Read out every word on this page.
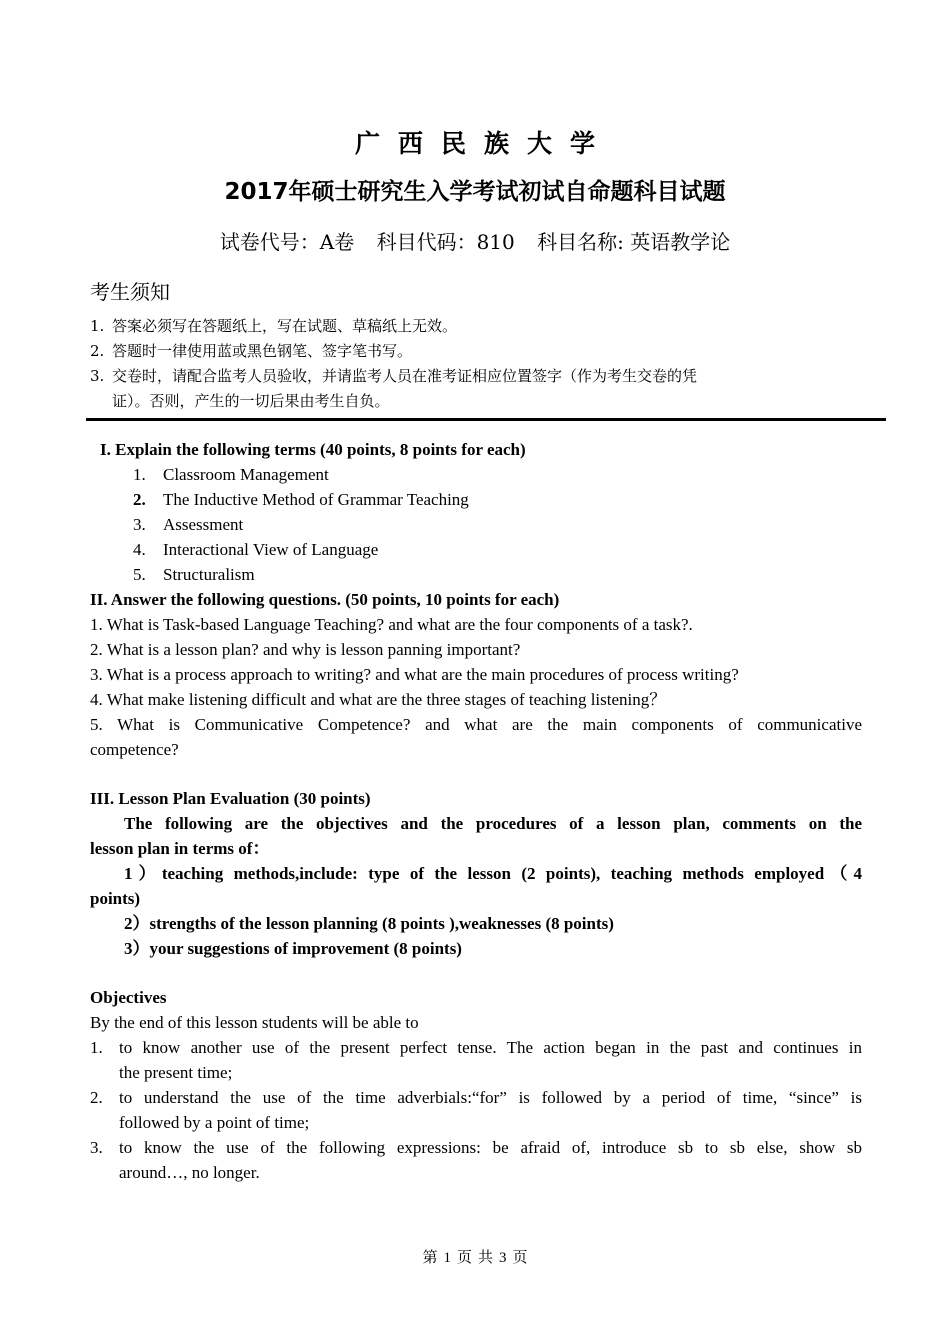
广西民族大学
2017年硕士研究生入学考试初试自命题科目试题
试卷代号：A卷 科目代码：810 科目名称: 英语教学论
考生须知
1. 答案必须写在答题纸上，写在试题、草稿纸上无效。
2. 答题时一律使用蓝或黑色钢笔、签字笔书写。
3. 交卷时，请配合监考人员验收，并请监考人员在准考证相应位置签字（作为考生交卷的凭
证）。否则，产生的一切后果由考生自负。
I. Explain the following terms (40 points, 8 points for each)
1. Classroom Management
2. The Inductive Method of Grammar Teaching
3. Assessment
4. Interactional View of Language
5. Structuralism
II. Answer the following questions. (50 points, 10 points for each)
1. What is Task-based Language Teaching? and what are the four components of a task?.
2. What is a lesson plan? and why is lesson panning important?
3. What is a process approach to writing? and what are the main procedures of process writing?
4. What make listening difficult and what are the three stages of teaching listening？
5. What is Communicative Competence? and what are the main components of communicative
competence?
III. Lesson Plan Evaluation (30 points)
The following are the objectives and the procedures of a lesson plan, comments on the
lesson plan in terms of：
1）teaching methods,include: type of the lesson (2 points), teaching methods employed（4
points)
2）strengths of the lesson planning (8 points ),weaknesses (8 points)
3）your suggestions of improvement (8 points)
Objectives
By the end of this lesson students will be able to
1. to know another use of the present perfect tense. The action began in the past and continues in
the present time;
2. to understand the use of the time adverbials:“for” is followed by a period of time, “since” is
followed by a point of time;
3. to know the use of the following expressions: be afraid of, introduce sb to sb else, show sb
around…, no longer.
第 1 页 共 3 页
